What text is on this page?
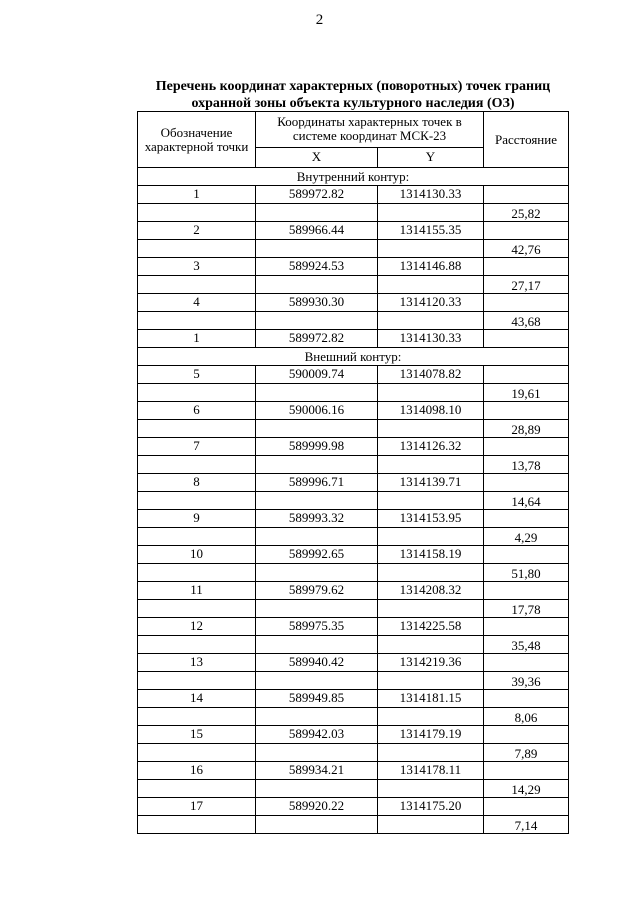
2
Перечень координат характерных (поворотных) точек границ
охранной зоны объекта культурного наследия (ОЗ)
Обозначение характерной точки	Координаты характерных точек в системе координат МСК-23		Расстояние
	X	Y	
Внутренний контур:			
1	589972.82	1314130.33	
			25,82
2	589966.44	1314155.35	
			42,76
3	589924.53	1314146.88	
			27,17
4	589930.30	1314120.33	
			43,68
1	589972.82	1314130.33	
Внешний контур:			
5	590009.74	1314078.82	
			19,61
6	590006.16	1314098.10	
			28,89
7	589999.98	1314126.32	
			13,78
8	589996.71	1314139.71	
			14,64
9	589993.32	1314153.95	
			4,29
10	589992.65	1314158.19	
			51,80
11	589979.62	1314208.32	
			17,78
12	589975.35	1314225.58	
			35,48
13	589940.42	1314219.36	
			39,36
14	589949.85	1314181.15	
			8,06
15	589942.03	1314179.19	
			7,89
16	589934.21	1314178.11	
			14,29
17	589920.22	1314175.20	
			7,14
